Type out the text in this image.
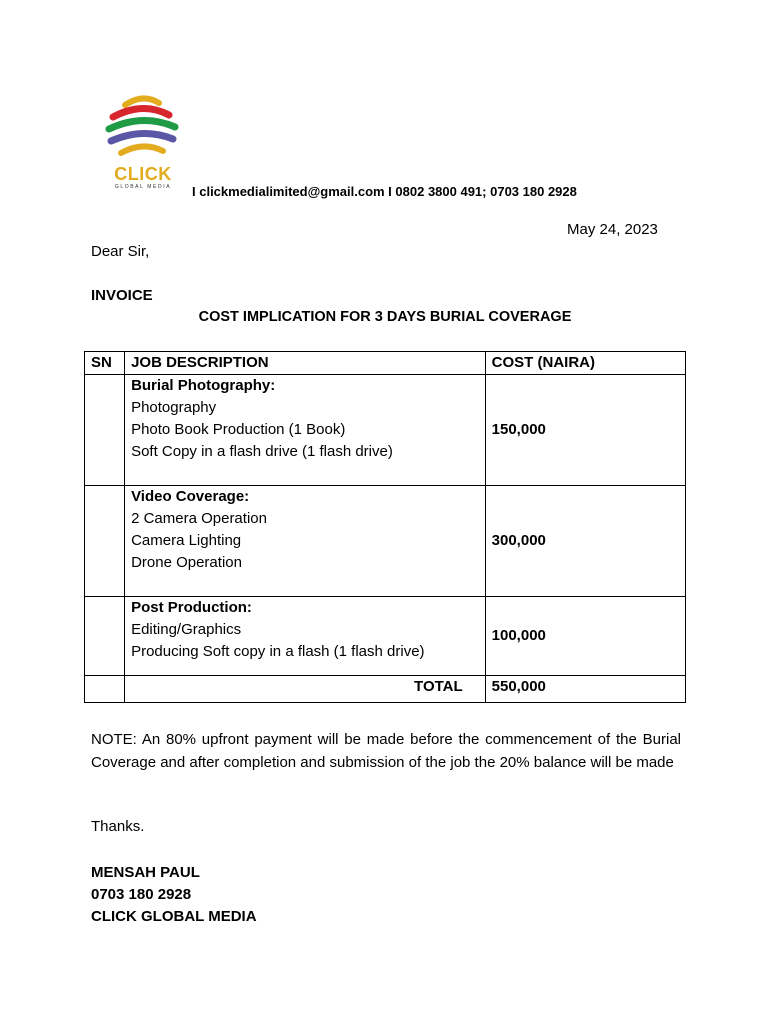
CLICK
GLOBAL MEDIA	I clickmedialimited@gmail.com I 0802 3800 491; 0703 180 2928
May 24, 2023
Dear Sir,
INVOICE
COST IMPLICATION FOR 3 DAYS BURIAL COVERAGE
SN	JOB DESCRIPTION	COST (NAIRA)

	Burial Photography:
Photography
Photo Book Production (1 Book)
Soft Copy in a flash drive (1 flash drive)	150,000

	Video Coverage:
2 Camera Operation
Camera Lighting
Drone Operation	300,000

	Post Production:
Editing/Graphics
Producing Soft copy in a flash (1 flash drive)	100,000
	TOTAL	550,000
NOTE: An 80% upfront payment will be made before the commencement of the Burial Coverage and after completion and submission of the job the 20% balance will be made
Thanks.
MENSAH PAUL
0703 180 2928
CLICK GLOBAL MEDIA
